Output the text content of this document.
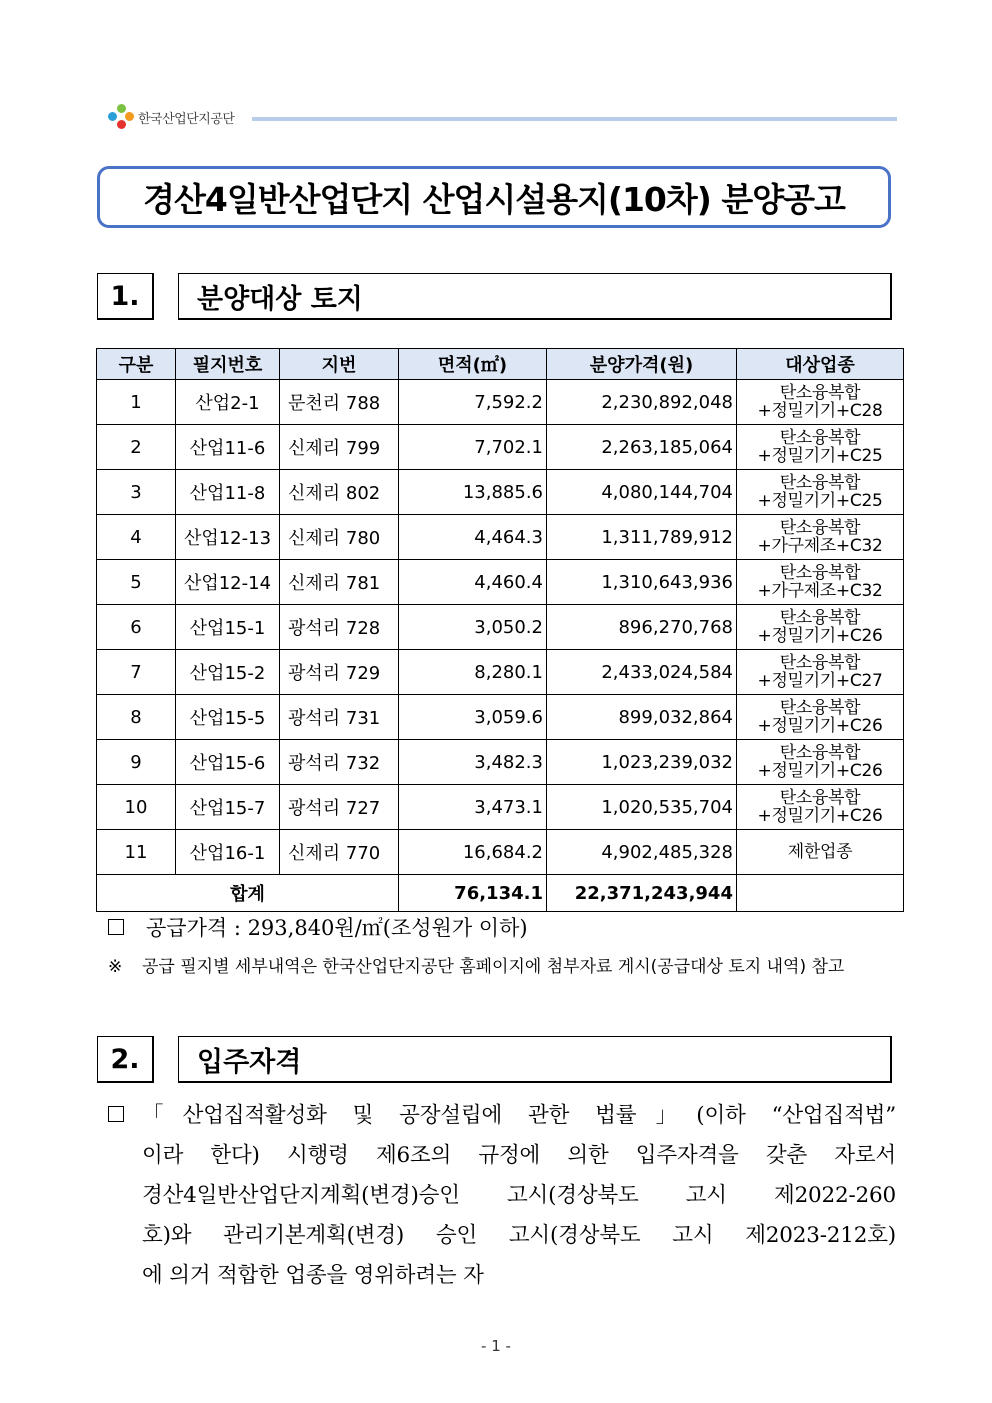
한국산업단지공단
경산4일반산업단지 산업시설용지(10차) 분양공고
1.	분양대상 토지
구분	필지번호	지번	면적(㎡)	분양가격(원)	대상업종
1	산업2-1	문천리 788	7,592.2	2,230,892,048	탄소융복합
+정밀기기+C28

2	산업11-6	신제리 799	7,702.1	2,263,185,064	탄소융복합
+정밀기기+C25

3	산업11-8	신제리 802	13,885.6	4,080,144,704	탄소융복합
+정밀기기+C25

4	산업12-13	신제리 780	4,464.3	1,311,789,912	탄소융복합
+가구제조+C32

5	산업12-14	신제리 781	4,460.4	1,310,643,936	탄소융복합
+가구제조+C32

6	산업15-1	광석리 728	3,050.2	896,270,768	탄소융복합
+정밀기기+C26

7	산업15-2	광석리 729	8,280.1	2,433,024,584	탄소융복합
+정밀기기+C27

8	산업15-5	광석리 731	3,059.6	899,032,864	탄소융복합
+정밀기기+C26

9	산업15-6	광석리 732	3,482.3	1,023,239,032	탄소융복합
+정밀기기+C26

10	산업15-7	광석리 727	3,473.1	1,020,535,704	탄소융복합
+정밀기기+C26

11	산업16-1	신제리 770	16,684.2	4,902,485,328	제한업종

합계			76,134.1	22,371,243,944	
공급가격 : 293,840원/㎡(조성원가 이하)
※ 공급 필지별 세부내역은 한국산업단지공단 홈페이지에 첨부자료 게시(공급대상 토지 내역) 참고
2.	입주자격
「산업집적활성화 및 공장설립에 관한 법률」(이하 “산업집적법”
이라 한다) 시행령 제6조의 규정에 의한 입주자격을 갖춘 자로서
경산4일반산업단지계획(변경)승인 고시(경상북도 고시 제2022-260
호)와 관리기본계획(변경) 승인 고시(경상북도 고시 제2023-212호)
에 의거 적합한 업종을 영위하려는 자
- 1 -
